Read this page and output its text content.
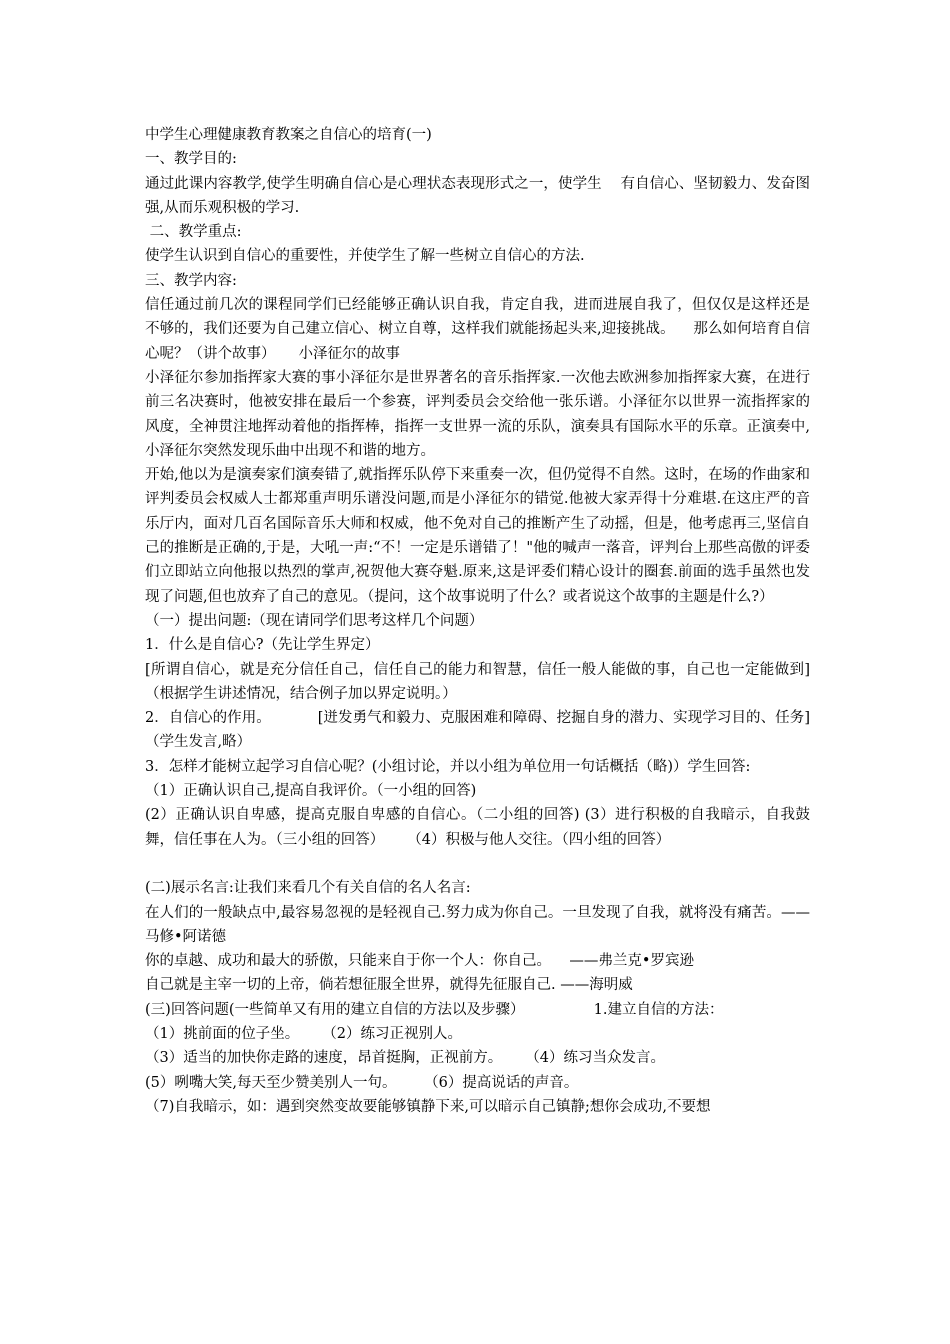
中学生心理健康教育教案之自信心的培育(一)

一、教学目的:

通过此课内容教学,使学生明确自信心是心理状态表现形式之一，使学生    有自信心、坚韧毅力、发奋图强,从而乐观积极的学习.

二、教学重点:

使学生认识到自信心的重要性，并使学生了解一些树立自信心的方法.

三、教学内容:

信任通过前几次的课程同学们已经能够正确认识自我，肯定自我，进而进展自我了，但仅仅是这样还是不够的，我们还要为自己建立信心、树立自尊，这样我们就能扬起头来,迎接挑战。    那么如何培育自信心呢？（讲个故事）     小泽征尔的故事

小泽征尔参加指挥家大赛的事小泽征尔是世界著名的音乐指挥家.一次他去欧洲参加指挥家大赛，在进行前三名决赛时，他被安排在最后一个参赛，评判委员会交给他一张乐谱。小泽征尔以世界一流指挥家的风度，全神贯注地挥动着他的指挥棒，指挥一支世界一流的乐队，演奏具有国际水平的乐章。正演奏中,小泽征尔突然发现乐曲中出现不和谐的地方。

开始,他以为是演奏家们演奏错了,就指挥乐队停下来重奏一次，但仍觉得不自然。这时，在场的作曲家和评判委员会权威人士都郑重声明乐谱没问题,而是小泽征尔的错觉.他被大家弄得十分难堪.在这庄严的音乐厅内，面对几百名国际音乐大师和权威，他不免对自己的推断产生了动摇，但是，他考虑再三,坚信自己的推断是正确的,于是，大吼一声:“不！一定是乐谱错了！"他的喊声一落音，评判台上那些高傲的评委们立即站立向他报以热烈的掌声,祝贺他大赛夺魁.原来,这是评委们精心设计的圈套.前面的选手虽然也发现了问题,但也放弃了自己的意见。（提问，这个故事说明了什么？或者说这个故事的主题是什么?）

（一）提出问题:（现在请同学们思考这样几个问题）

1．什么是自信心?（先让学生界定）

[所谓自信心，就是充分信任自己，信任自己的能力和智慧，信任一般人能做的事，自己也一定能做到]  （根据学生讲述情况，结合例子加以界定说明。）

2．自信心的作用。          [迸发勇气和毅力、克服困难和障碍、挖掘自身的潜力、实现学习目的、任务]（学生发言,略）

3．怎样才能树立起学习自信心呢？(小组讨论，并以小组为单位用一句话概括（略)）学生回答:

（1）正确认识自己,提高自我评价。（一小组的回答)

(2）正确认识自卑感，提高克服自卑感的自信心。（二小组的回答) (3）进行积极的自我暗示，自我鼓舞，信任事在人为。（三小组的回答）     （4）积极与他人交往。（四小组的回答）

(二)展示名言:让我们来看几个有关自信的名人名言:

在人们的一般缺点中,最容易忽视的是轻视自己.努力成为你自己。一旦发现了自我，就将没有痛苦。——马修•阿诺德

你的卓越、成功和最大的骄傲，只能来自于你一个人：你自己。    ——弗兰克•罗宾逊

自己就是主宰一切的上帝，倘若想征服全世界，就得先征服自己. ——海明威

(三)回答问题(一些简单又有用的建立自信的方法以及步骤）               1.建立自信的方法：

（1）挑前面的位子坐。     （2）练习正视别人。

（3）适当的加快你走路的速度，昂首挺胸，正视前方。     （4）练习当众发言。

(5）咧嘴大笑,每天至少赞美别人一句。      （6）提高说话的声音。

（7)自我暗示，如：遇到突然变故要能够镇静下来,可以暗示自己镇静;想你会成功,不要想
